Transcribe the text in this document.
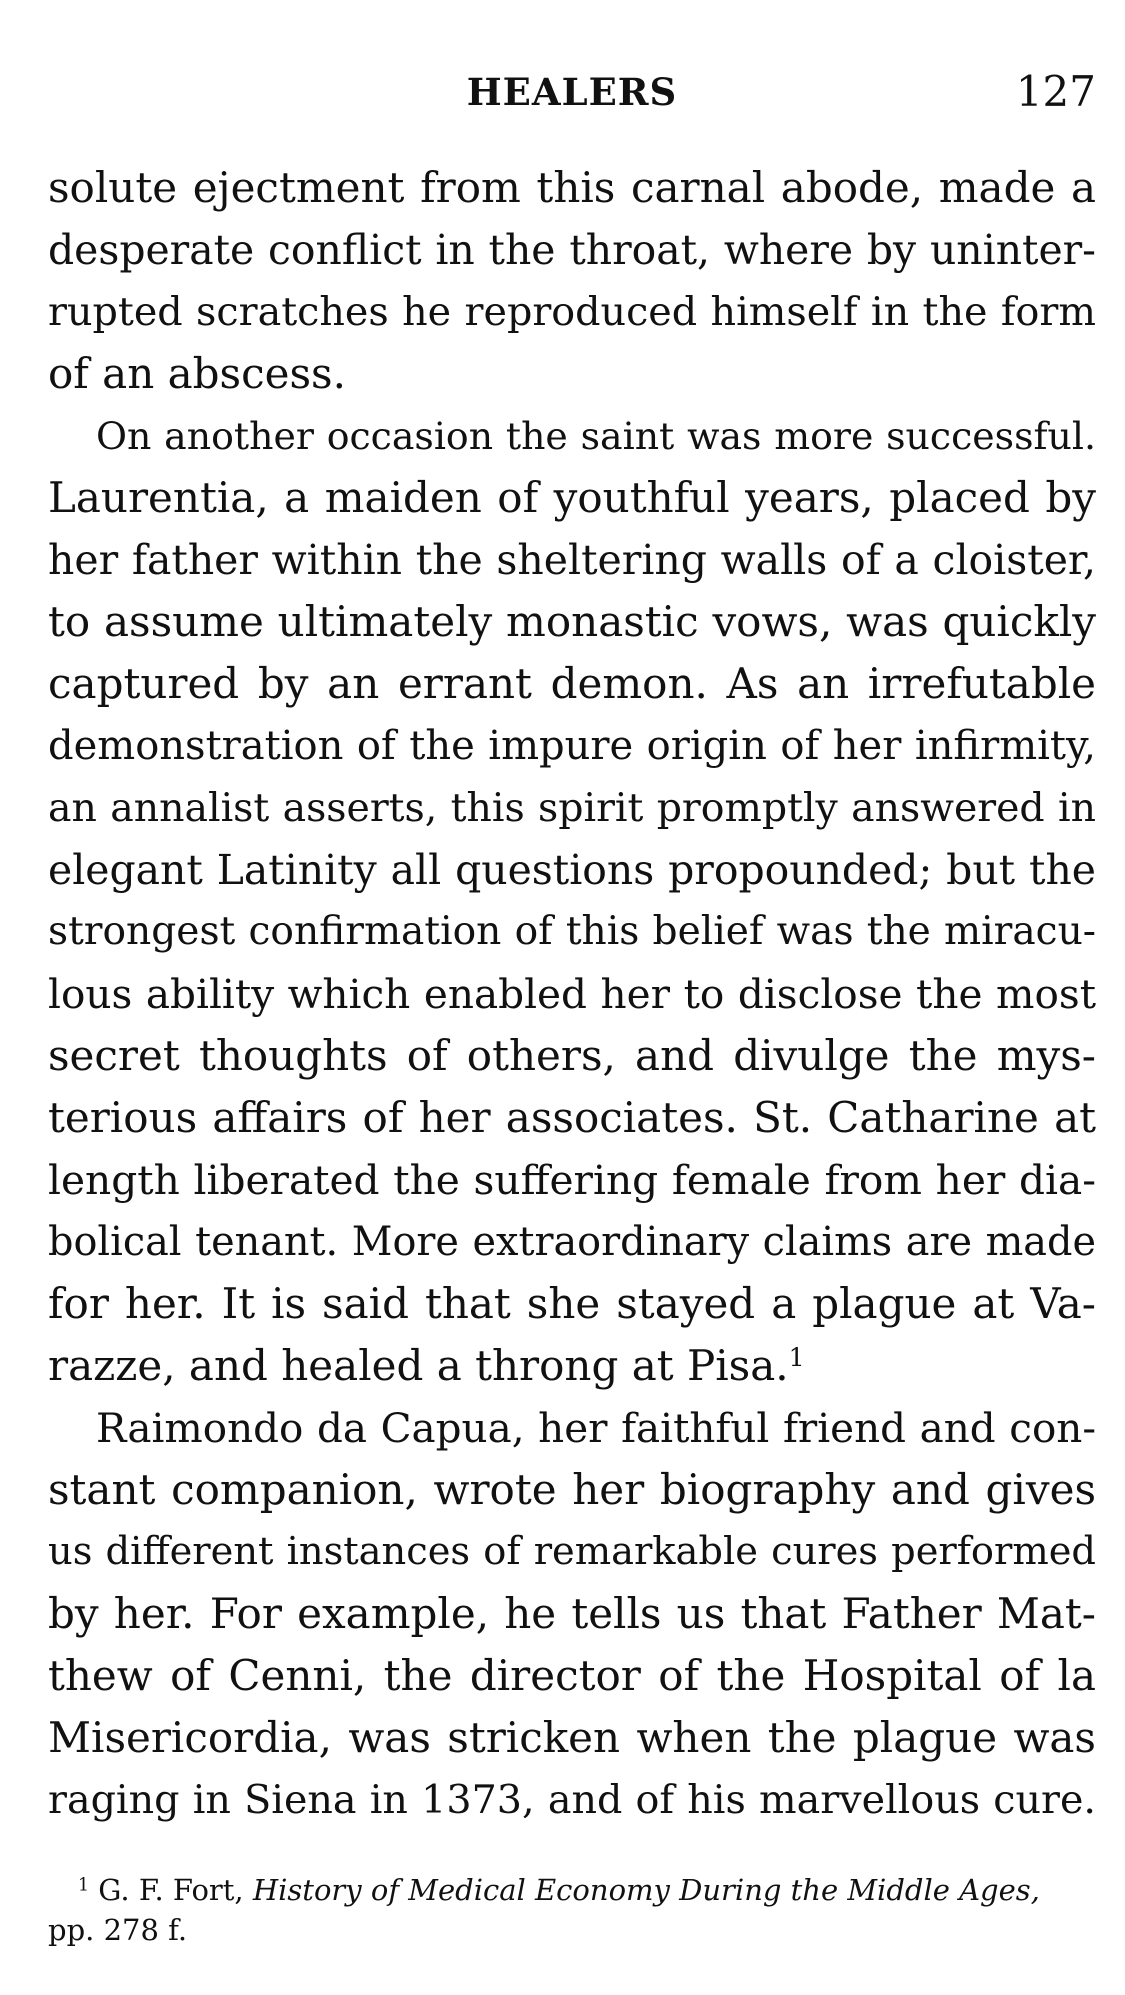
HEALERS	127

solute ejectment from this carnal abode, made a
desperate conflict in the throat, where by uninter-
rupted scratches he reproduced himself in the form
of an abscess.

On another occasion the saint was more successful.
Laurentia, a maiden of youthful years, placed by
her father within the sheltering walls of a cloister,
to assume ultimately monastic vows, was quickly
captured by an errant demon. As an irrefutable
demonstration of the impure origin of her infirmity,
an annalist asserts, this spirit promptly answered in
elegant Latinity all questions propounded; but the
strongest confirmation of this belief was the miracu-
lous ability which enabled her to disclose the most
secret thoughts of others, and divulge the mys-
terious affairs of her associates. St. Catharine at
length liberated the suffering female from her dia-
bolical tenant. More extraordinary claims are made
for her. It is said that she stayed a plague at Va-
razze, and healed a throng at Pisa.$^1$

Raimondo da Capua, her faithful friend and con-
stant companion, wrote her biography and gives
us different instances of remarkable cures performed
by her. For example, he tells us that Father Mat-
thew of Cenni, the director of the Hospital of la
Misericordia, was stricken when the plague was
raging in Siena in 1373, and of his marvellous cure.

$^1$ G. F. Fort, History of Medical Economy During the Middle Ages,
pp. 278 f.
